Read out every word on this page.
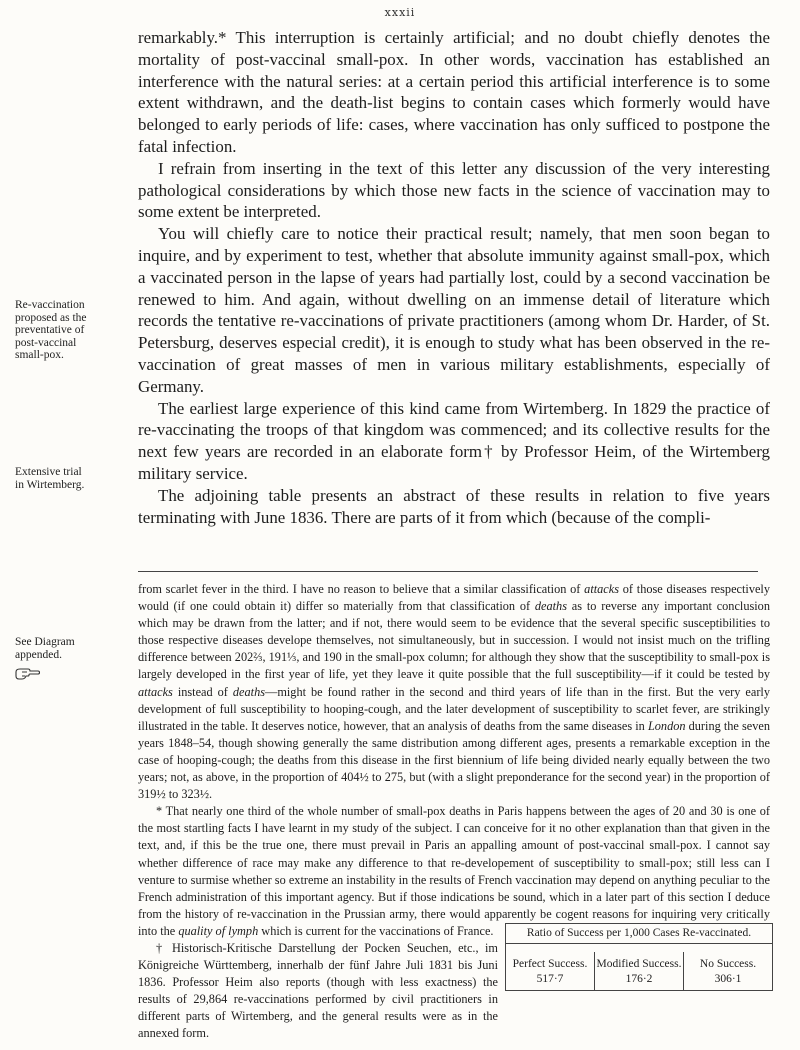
xxxii

remarkably.* This interruption is certainly artificial; and no doubt chiefly denotes the mortality of post-vaccinal small-pox. In other words, vaccination has established an interference with the natural series: at a certain period this artificial interference is to some extent withdrawn, and the death-list begins to contain cases which formerly would have belonged to early periods of life: cases, where vaccination has only sufficed to postpone the fatal infection.

I refrain from inserting in the text of this letter any discussion of the very interesting pathological considerations by which those new facts in the science of vaccination may to some extent be interpreted.

You will chiefly care to notice their practical result; namely, that men soon began to inquire, and by experiment to test, whether that absolute immunity against small-pox, which a vaccinated person in the lapse of years had partially lost, could by a second vaccination be renewed to him. And again, without dwelling on an immense detail of literature which records the tentative re-vaccinations of private practitioners (among whom Dr. Harder, of St. Petersburg, deserves especial credit), it is enough to study what has been observed in the re-vaccination of great masses of men in various military establishments, especially of Germany.

The earliest large experience of this kind came from Wirtemberg. In 1829 the practice of re-vaccinating the troops of that kingdom was commenced; and its collective results for the next few years are recorded in an elaborate form† by Professor Heim, of the Wirtemberg military service.

The adjoining table presents an abstract of these results in relation to five years terminating with June 1836. There are parts of it from which (because of the compli-

Re-vaccination
proposed as the
preventative of
post-vaccinal
small-pox.
Extensive trial
in Wirtemberg.
See Diagram
appended.

from scarlet fever in the third. I have no reason to believe that a similar classification of attacks of those diseases respectively would (if one could obtain it) differ so materially from that classification of deaths as to reverse any important conclusion which may be drawn from the latter; and if not, there would seem to be evidence that the several specific susceptibilities to those respective diseases develope themselves, not simultaneously, but in succession. I would not insist much on the trifling difference between 202⅔, 191⅓, and 190 in the small-pox column; for although they show that the susceptibility to small-pox is largely developed in the first year of life, yet they leave it quite possible that the full susceptibility—if it could be tested by attacks instead of deaths—might be found rather in the second and third years of life than in the first. But the very early development of full susceptibility to hooping-cough, and the later development of susceptibility to scarlet fever, are strikingly illustrated in the table. It deserves notice, however, that an analysis of deaths from the same diseases in London during the seven years 1848–54, though showing generally the same distribution among different ages, presents a remarkable exception in the case of hooping-cough; the deaths from this disease in the first biennium of life being divided nearly equally between the two years; not, as above, in the proportion of 404½ to 275, but (with a slight preponderance for the second year) in the proportion of 319½ to 323½.

* That nearly one third of the whole number of small-pox deaths in Paris happens between the ages of 20 and 30 is one of the most startling facts I have learnt in my study of the subject. I can conceive for it no other explanation than that given in the text, and, if this be the true one, there must prevail in Paris an appalling amount of post-vaccinal small-pox. I cannot say whether difference of race may make any difference to that re-developement of susceptibility to small-pox; still less can I venture to surmise whether so extreme an instability in the results of French vaccination may depend on anything peculiar to the French administration of this important agency. But if those indications be sound, which in a later part of this section I deduce from the history of re-vaccination in the Prussian army, there would apparently be cogent reasons for inquiring very critically into the quality of lymph which is current for the vaccinations of France.

† Historisch-Kritische Darstellung der Pocken Seuchen, etc., im Königreiche Württemberg, innerhalb der fünf Jahre Juli 1831 bis Juni 1836. Professor Heim also reports (though with less exactness) the results of 29,864 re-vaccinations performed by civil practitioners in different parts of Wirtemberg, and the general results were as in the annexed form.

Ratio of Success per 1,000 Cases Re-vaccinated.
Perfect Success.
517·7
Modified Success.
176·2
No Success.
306·1
